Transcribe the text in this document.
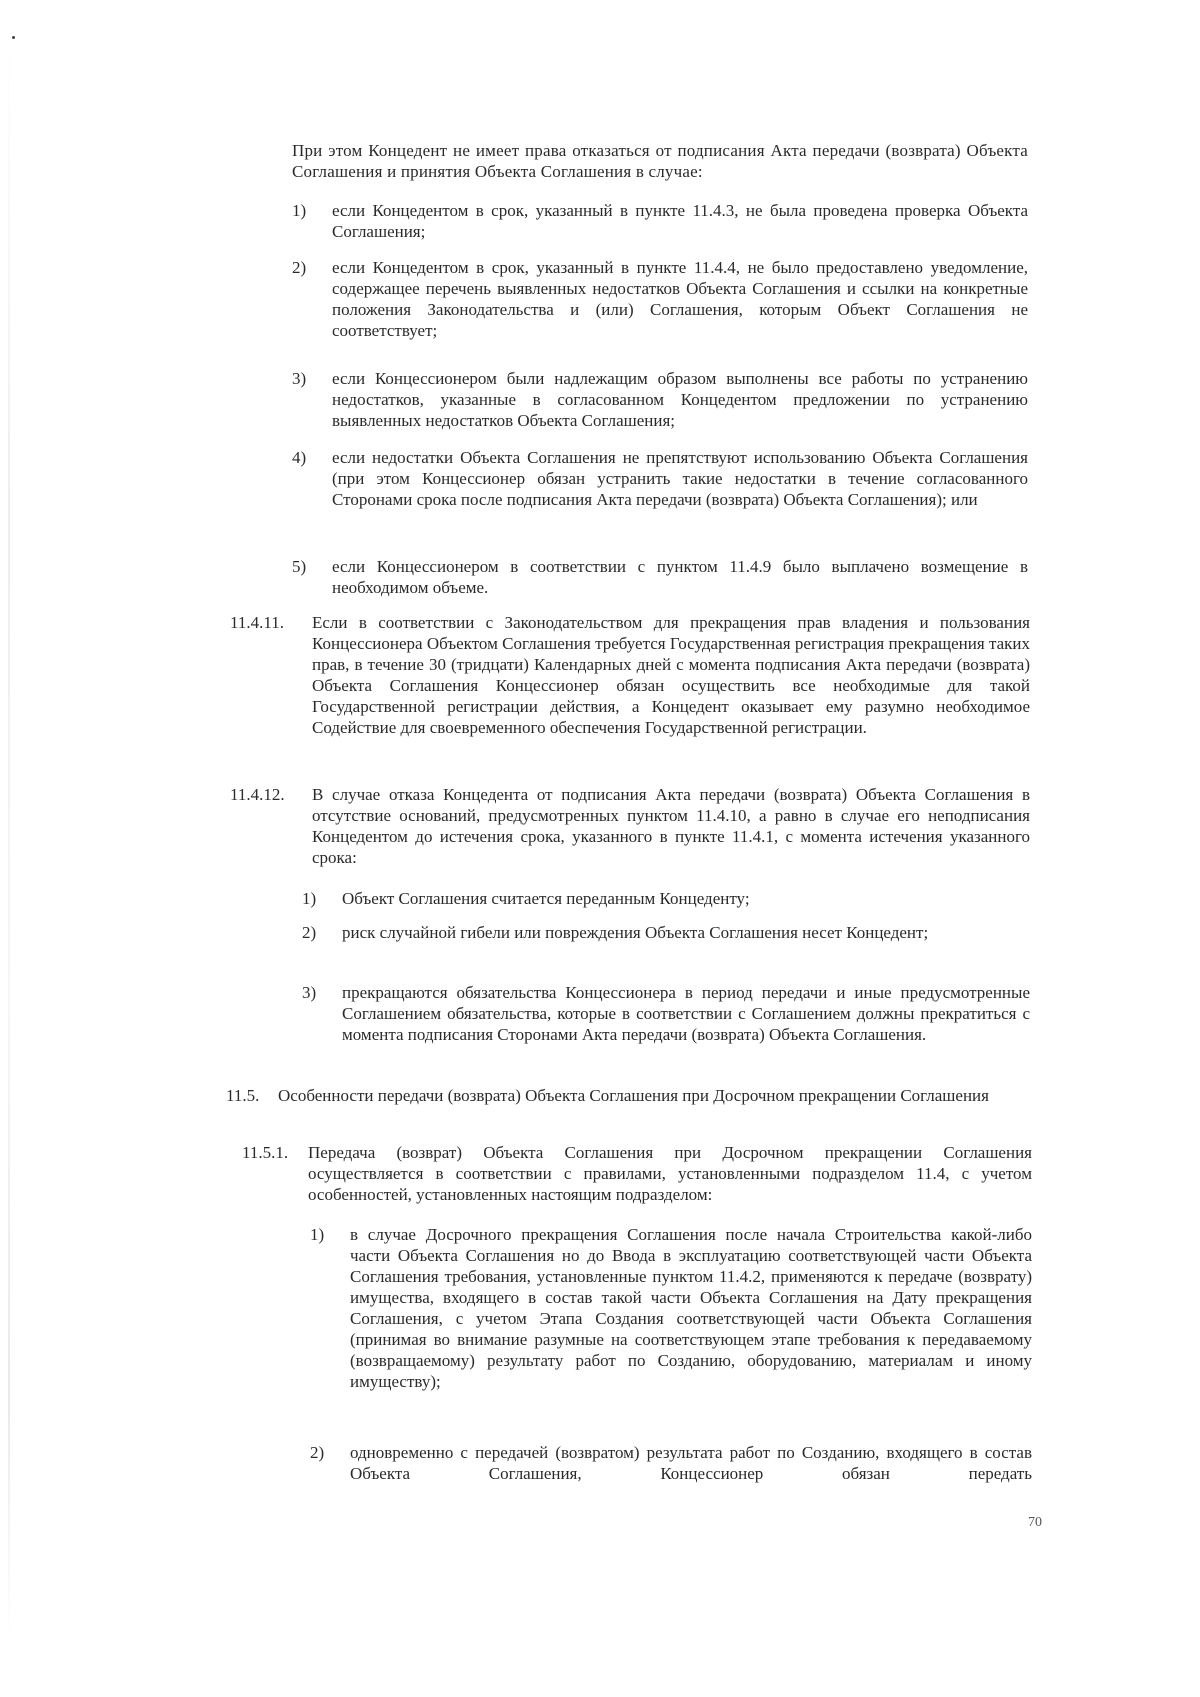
При этом Концедент не имеет права отказаться от подписания Акта передачи (возврата) Объекта Соглашения и принятия Объекта Соглашения в случае:
1) если Концедентом в срок, указанный в пункте 11.4.3, не была проведена проверка Объекта Соглашения;
2) если Концедентом в срок, указанный в пункте 11.4.4, не было предоставлено уведомление, содержащее перечень выявленных недостатков Объекта Соглашения и ссылки на конкретные положения Законодательства и (или) Соглашения, которым Объект Соглашения не соответствует;
3) если Концессионером были надлежащим образом выполнены все работы по устранению недостатков, указанные в согласованном Концедентом предложении по устранению выявленных недостатков Объекта Соглашения;
4) если недостатки Объекта Соглашения не препятствуют использованию Объекта Соглашения (при этом Концессионер обязан устранить такие недостатки в течение согласованного Сторонами срока после подписания Акта передачи (возврата) Объекта Соглашения); или
5) если Концессионером в соответствии с пунктом 11.4.9 было выплачено возмещение в необходимом объеме.
11.4.11. Если в соответствии с Законодательством для прекращения прав владения и пользования Концессионера Объектом Соглашения требуется Государственная регистрация прекращения таких прав, в течение 30 (тридцати) Календарных дней с момента подписания Акта передачи (возврата) Объекта Соглашения Концессионер обязан осуществить все необходимые для такой Государственной регистрации действия, а Концедент оказывает ему разумно необходимое Содействие для своевременного обеспечения Государственной регистрации.
11.4.12. В случае отказа Концедента от подписания Акта передачи (возврата) Объекта Соглашения в отсутствие оснований, предусмотренных пунктом 11.4.10, а равно в случае его неподписания Концедентом до истечения срока, указанного в пункте 11.4.1, с момента истечения указанного срока:
1) Объект Соглашения считается переданным Концеденту;
2) риск случайной гибели или повреждения Объекта Соглашения несет Концедент;
3) прекращаются обязательства Концессионера в период передачи и иные предусмотренные Соглашением обязательства, которые в соответствии с Соглашением должны прекратиться с момента подписания Сторонами Акта передачи (возврата) Объекта Соглашения.
11.5. Особенности передачи (возврата) Объекта Соглашения при Досрочном прекращении Соглашения
11.5.1. Передача (возврат) Объекта Соглашения при Досрочном прекращении Соглашения осуществляется в соответствии с правилами, установленными подразделом 11.4, с учетом особенностей, установленных настоящим подразделом:
1) в случае Досрочного прекращения Соглашения после начала Строительства какой-либо части Объекта Соглашения но до Ввода в эксплуатацию соответствующей части Объекта Соглашения требования, установленные пунктом 11.4.2, применяются к передаче (возврату) имущества, входящего в состав такой части Объекта Соглашения на Дату прекращения Соглашения, с учетом Этапа Создания соответствующей части Объекта Соглашения (принимая во внимание разумные на соответствующем этапе требования к передаваемому (возвращаемому) результату работ по Созданию, оборудованию, материалам и иному имуществу);
2) одновременно с передачей (возвратом) результата работ по Созданию, входящего в состав Объекта Соглашения, Концессионер обязан передать
70
